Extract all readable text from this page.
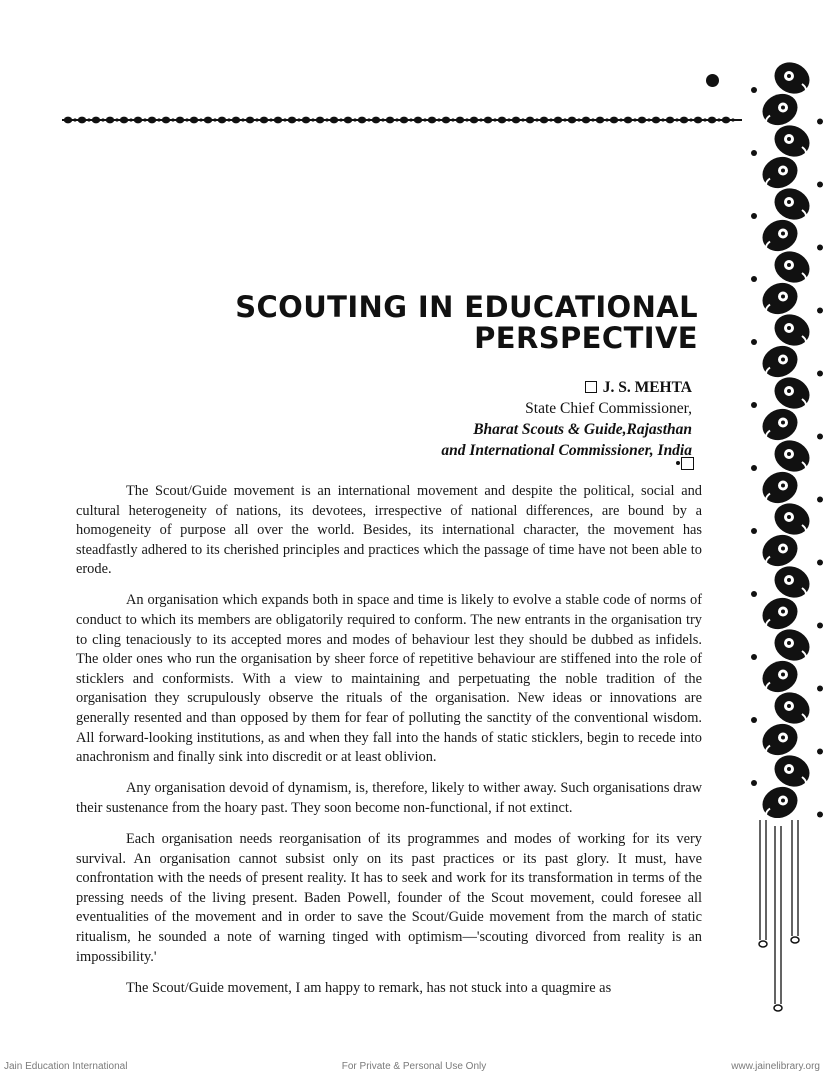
SCOUTING IN EDUCATIONAL
PERSPECTIVE
J. S. MEHTA
State Chief Commissioner,
Bharat Scouts & Guide,Rajasthan
and International Commissioner, India

The Scout/Guide movement is an international movement and despite the political, social and cultural heterogeneity of nations, its devotees, irrespective of national differences, are bound by a homogeneity of purpose all over the world. Besides, its international character, the movement has steadfastly adhered to its cherished principles and practices which the passage of time have not been able to erode.

An organisation which expands both in space and time is likely to evolve a stable code of norms of conduct to which its members are obligatorily required to conform. The new entrants in the organisation try to cling tenaciously to its accepted mores and modes of behaviour lest they should be dubbed as infidels. The older ones who run the organisation by sheer force of repetitive behaviour are stiffened into the role of sticklers and conformists. With a view to maintaining and perpetuating the noble tradition of the organisation they scrupulously observe the rituals of the organisation. New ideas or innovations are generally resented and than opposed by them for fear of polluting the sanctity of the conventional wisdom. All forward-looking institutions, as and when they fall into the hands of static sticklers, begin to recede into anachronism and finally sink into discredit or at least oblivion.

Any organisation devoid of dynamism, is, therefore, likely to wither away. Such organisations draw their sustenance from the hoary past. They soon become non-functional, if not extinct.

Each organisation needs reorganisation of its programmes and modes of working for its very survival. An organisation cannot subsist only on its past practices or its past glory. It must, have confrontation with the needs of present reality. It has to seek and work for its transformation in terms of the pressing needs of the living present. Baden Powell, founder of the Scout movement, could foresee all eventualities of the movement and in order to save the Scout/Guide movement from the march of static ritualism, he sounded a note of warning tinged with optimism—'scouting divorced from reality is an impossibility.'

The Scout/Guide movement, I am happy to remark, has not stuck into a quagmire as

Jain Education International	For Private & Personal Use Only	www.jainelibrary.org
